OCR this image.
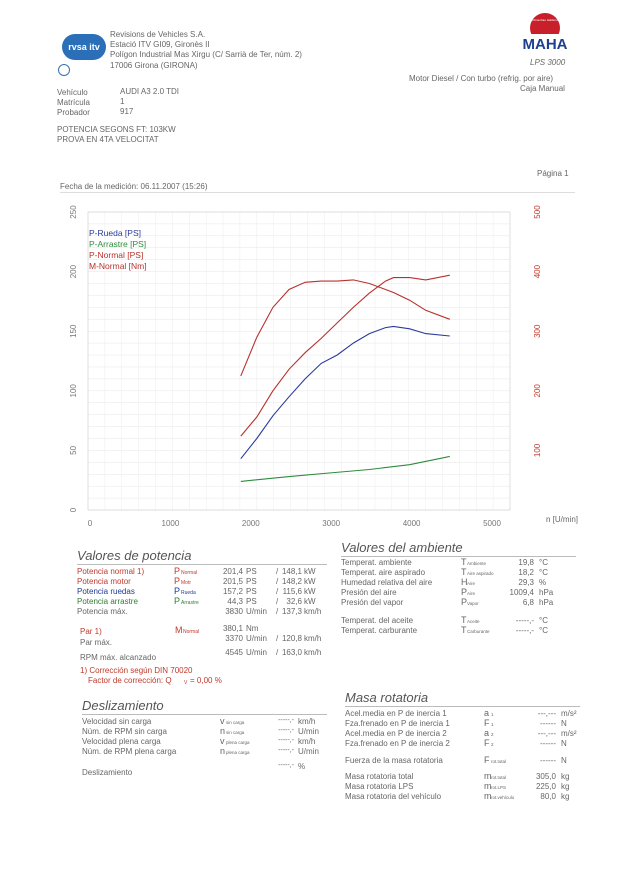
rvsa itv
Revisions de Vehicles S.A.
Estació ITV GI09, Gironès II
Polígon Industrial Mas Xirgu (C/ Sarrià de Ter, núm. 2)
17006 Girona (GIRONA)
MAHA
Maschinenbau Haldenwang
LPS 3000
Vehículo	AUDI A3 2.0 TDI
Matrícula	1
Probador	917
Motor Diesel / Con turbo (refrig. por aire)
Caja Manual
POTENCIA SEGONS FT: 103KW
PROVA EN 4TA VELOCITAT
Fecha de la medición: 06.11.2007 (15:26)
Página 1
0	1000	2000	3000	4000	5000
0
50
100
150
200
250
100
200
300
400
500
P-Rueda [PS]
P-Arrastre [PS]
P-Normal [PS]
M-Normal [Nm]
n [U/min]
Valores de potencia
Potencia normal 1)	P Normal	201,4 PS / 148,1 kW
Potencia motor	P Motr	201,5 PS / 148,2 kW
Potencia ruedas	P Rueda	157,2 PS / 115,6 kW
Potencia arrastre	P Arrastre	44,3 PS /	32,6 kW
Potencia máx.	3830 U/min / 137,3 km/h
Par 1)	M Normal	380,1 Nm
Par máx.	3370 U/min / 120,8 km/h
RPM máx. alcanzado
4545 U/min / 163,0 km/h
1) Corrección según DIN 70020
Factor de corrección: Q V = 0,00 %
Valores del ambiente
Temperat. ambiente	T Ambiente	19,8 °C
Temperat. aire aspirado	T Aire aspirado	18,2 °C
Humedad relativa del aire	H Aire	29,3 %
Presión del aire	P Aire	1009,4 hPa
Presión del vapor	P Vapor	6,8 hPa
Temperat. del aceite	T Aceite	-----,- °C
Temperat. carburante	T Carburante	-----,- °C
Deslizamiento
Velocidad sin carga	v sin carga	-----,- km/h
Núm. de RPM sin carga	n sin carga	-----,- U/min
Velocidad plena carga	v plena carga	-----,- km/h
Núm. de RPM plena carga	n plena carga	-----,- U/min
Deslizamiento
-----,- %
Masa rotatoria
Acel.media en P de inercia 1	a 1	---,--- m/s²
Fza.frenado en P de inercia 1	F 1	------ N
Acel.media en P de inercia 2	a 2	---,--- m/s²
Fza.frenado en P de inercia 2	F 2	------ N
Fuerza de la masa rotatoria	F rot.total	------ N
Masa rotatoria total	m rot.total	305,0 kg
Masa rotatoria LPS	m rot.LPS	225,0 kg
Masa rotatoria del vehículo	m rot.vehículo	80,0 kg
